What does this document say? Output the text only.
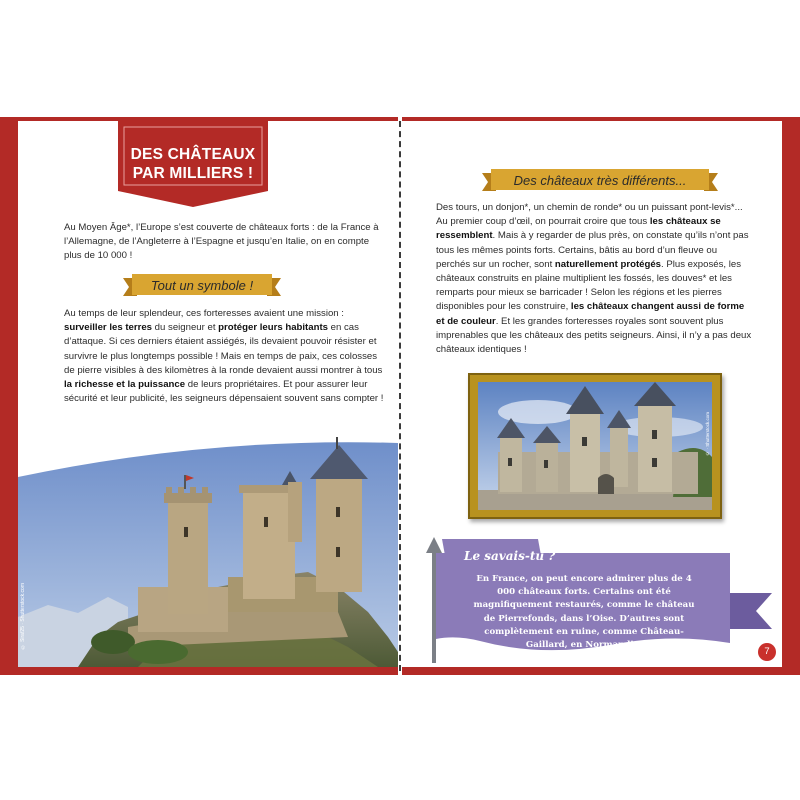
DES CHÂTEAUX
PAR MILLIERS !
Au Moyen Âge*, l’Europe s’est couverte de châteaux forts : de la France à l’Allemagne, de l’Angleterre à l’Espagne et jusqu’en Italie, on en compte plus de 10 000 !
Tout un symbole !
Au temps de leur splendeur, ces forteresses avaient une mission : surveiller les terres du seigneur et protéger leurs habitants en cas d’attaque. Si ces derniers étaient assiégés, ils devaient pouvoir résister et survivre le plus longtemps possible ! Mais en temps de paix, ces colosses de pierre visibles à des kilomètres à la ronde devaient aussi montrer à tous la richesse et la puissance de leurs propriétaires. Et pour assurer leur sécurité et leur publicité, les seigneurs dépensaient souvent sans compter !
© Siraf25 · Shutterstock.com
Des châteaux très différents...
Des tours, un donjon*, un chemin de ronde* ou un puissant pont-levis*... Au premier coup d’œil, on pourrait croire que tous les châteaux se ressemblent. Mais à y regarder de plus près, on constate qu’ils n’ont pas tous les mêmes points forts. Certains, bâtis au bord d’un fleuve ou perchés sur un rocher, sont naturellement protégés. Plus exposés, les châteaux construits en plaine multiplient les fossés, les douves* et les remparts pour mieux se barricader ! Selon les régions et les pierres disponibles pour les construire, les châteaux changent aussi de forme et de couleur. Et les grandes forteresses royales sont souvent plus imprenables que les châteaux des petits seigneurs. Ainsi, il n’y a pas deux châteaux identiques !
© · Shutterstock.com
Le savais-tu ?
En France, on peut encore admirer plus de 4 000 châteaux forts. Certains ont été magnifiquement restaurés, comme le château de Pierrefonds, dans l’Oise. D’autres sont complètement en ruine, comme Château-Gaillard, en Normandie.
7
